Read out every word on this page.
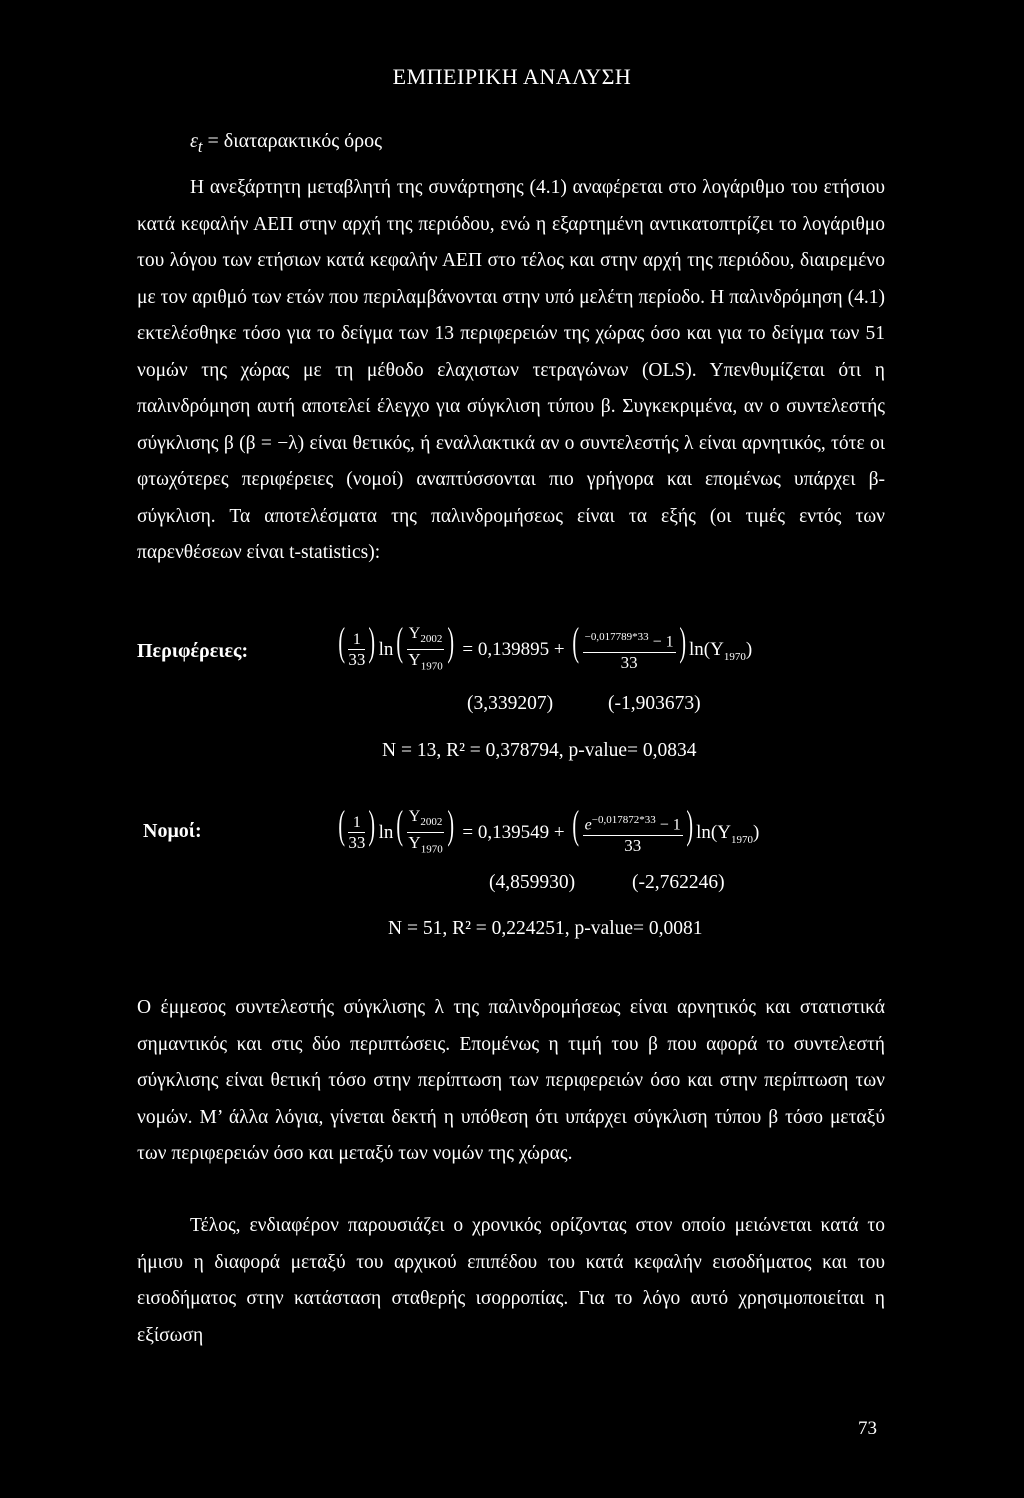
ΕΜΠΕΙΡΙΚΗ ΑΝΑΛΥΣΗ
$\varepsilon_t = \delta\iota\alpha\tau\alpha\rho\alpha\kappa\tau\iota\kappa ό\varsigma$ όρος

Η ανεξάρτητη μεταβλητή της συνάρτησης (4.1) αναφέρεται στο λογάριθμο του ετήσιου κατά κεφαλήν ΑΕΠ στην αρχή της περιόδου, ενώ η εξαρτημένη αντικατοπτρίζει το λογάριθμο του λόγου των ετήσιων κατά κεφαλήν ΑΕΠ στο τέλος και στην αρχή της περιόδου, διαιρεμένο με τον αριθμό των ετών που περιλαμβάνονται στην υπό μελέτη περίοδο. Η παλινδρόμηση (4.1) εκτελέσθηκε τόσο για το δείγμα των 13 περιφερειών της χώρας όσο και για το δείγμα των 51 νομών της χώρας με τη μέθοδο ελαχιστων τετραγώνων (OLS). Υπενθυμίζεται ότι η παλινδρόμηση αυτή αποτελεί έλεγχο για σύγκλιση τύπου β. Συγκεκριμένα, αν ο συντελεστής σύγκλισης β (β = −λ) είναι θετικός, ή εναλλακτικά αν ο συντελεστής λ είναι αρνητικός, τότε οι φτωχότερες περιφέρειες (νομοί) αναπτύσσονται πιο γρήγορα και επομένως υπάρχει β-σύγκλιση. Τα αποτελέσματα της παλινδρομήσεως είναι τα εξής (οι τιμές εντός των παρενθέσεων είναι t-statistics):

Περιφέρειες: ( $\frac{1}{33}$ ) $\ln( \frac{Y_{2002}}{Y_{1970}}$ ) = 0,139895 + ( $\frac{^{-0,017789*33} - 1}{33}$ ) $\ln(Y_{1970})$
(3,339207)	(-1,903673)
N = 13, R² = 0,378794, p-value= 0,0834
Νομοί:	( $\frac{1}{33}$ ) $\ln( \frac{Y_{2002}}{Y_{1970}}$ ) = 0,139549 + ( $\frac{e^{-0,017872*33} - 1}{33}$ ) $\ln(Y_{1970})$
(4,859930)	(-2,762246)
N = 51, R² = 0,224251, p-value= 0,0081

Ο έμμεσος συντελεστής σύγκλισης λ της παλινδρομήσεως είναι αρνητικός και στατιστικά σημαντικός και στις δύο περιπτώσεις. Επομένως η τιμή του β που αφορά το συντελεστή σύγκλισης είναι θετική τόσο στην περίπτωση των περιφερειών όσο και στην περίπτωση των νομών. Μ’ άλλα λόγια, γίνεται δεκτή η υπόθεση ότι υπάρχει σύγκλιση τύπου β τόσο μεταξύ των περιφερειών όσο και μεταξύ των νομών της χώρας.

Τέλος, ενδιαφέρον παρουσιάζει ο χρονικός ορίζοντας στον οποίο μειώνεται κατά το ήμισυ η διαφορά μεταξύ του αρχικού επιπέδου του κατά κεφαλήν εισοδήματος και του εισοδήματος στην κατάσταση σταθερής ισορροπίας. Για το λόγο αυτό χρησιμοποιείται η εξίσωση

73
